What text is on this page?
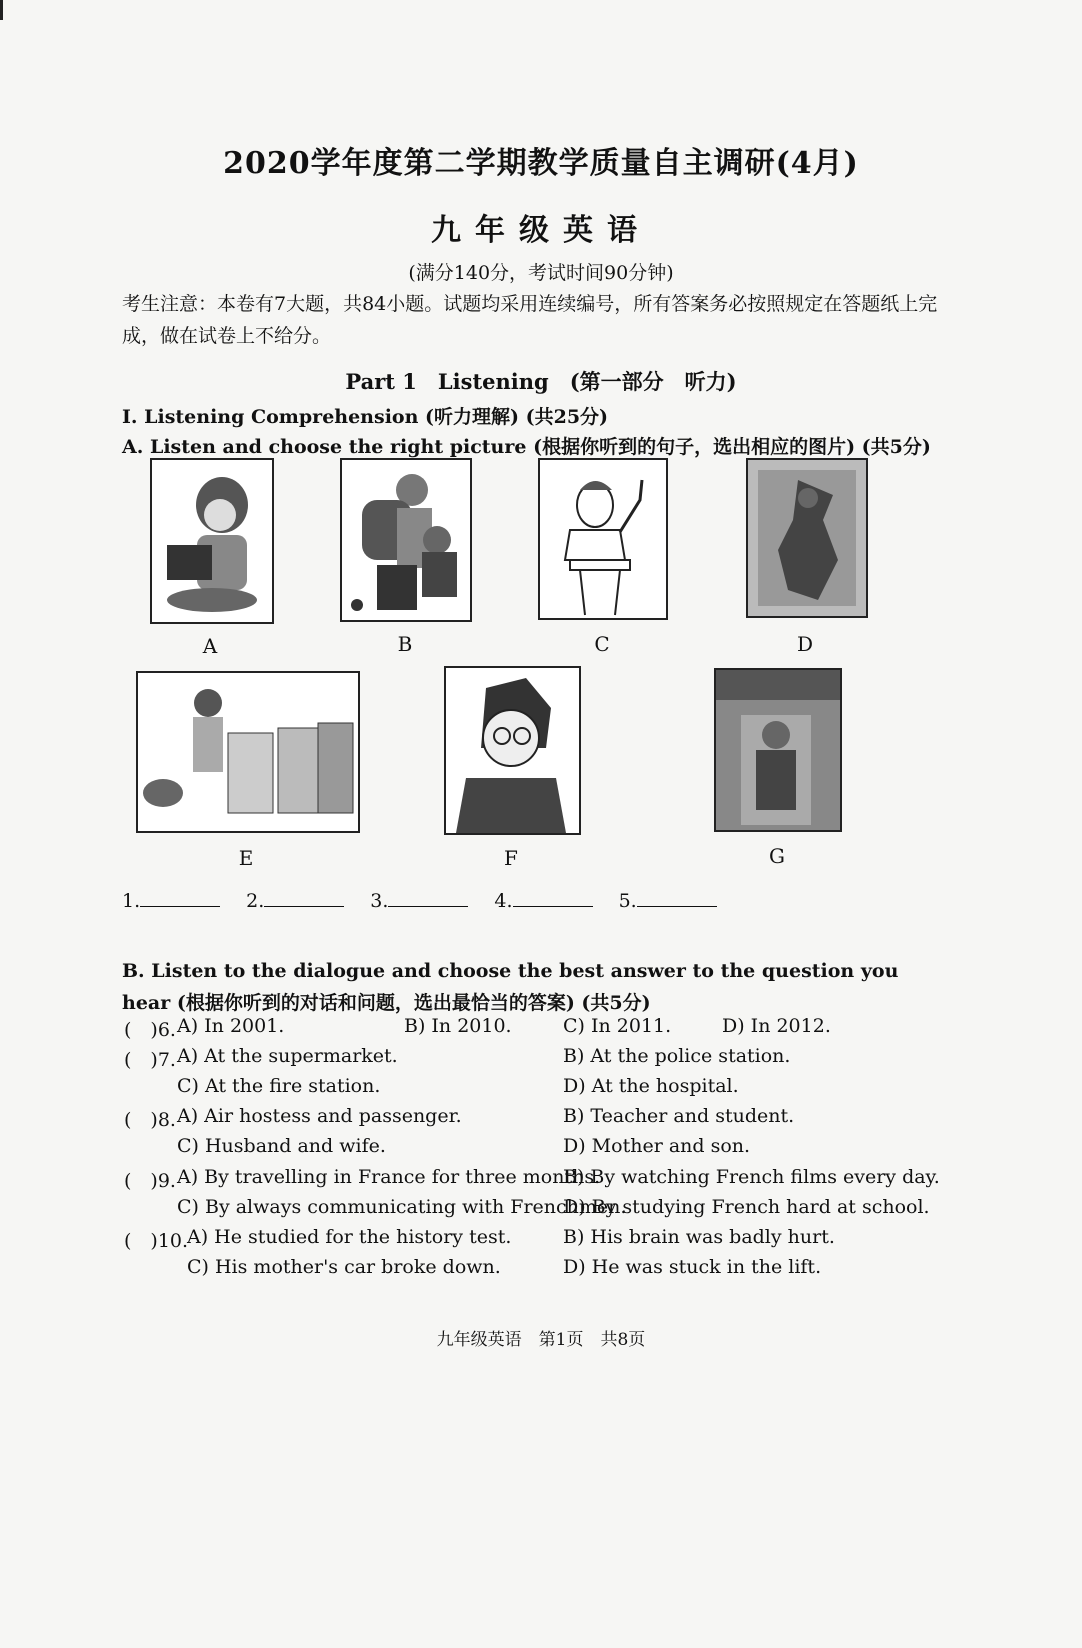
2020学年度第二学期教学质量自主调研(4月)
九年级英语
(满分140分，考试时间90分钟)
考生注意：本卷有7大题，共84小题。试题均采用连续编号，所有答案务必按照规定在答题纸上完成，做在试卷上不给分。
Part 1　Listening　(第一部分　听力)
I. Listening Comprehension (听力理解) (共25分)
A. Listen and choose the right picture (根据你听到的句子，选出相应的图片) (共5分)
A	B	C	D
E	F	G
1.	2.	3.	4.	5.
B. Listen to the dialogue and choose the best answer to the question you hear (根据你听到的对话和问题，选出最恰当的答案) (共5分)
(　)6. A) In 2001.	B) In 2010.	C) In 2011.	D) In 2012.
(　)7. A) At the supermarket.	B) At the police station.
C) At the fire station.	D) At the hospital.
(　)8. A) Air hostess and passenger.	B) Teacher and student.
C) Husband and wife.	D) Mother and son.
(　)9. A) By travelling in France for three months.
B) By watching French films every day.
C) By always communicating with Frenchmen.
D) By studying French hard at school.
(　)10.
A) He studied for the history test.	B) His brain was badly hurt.
C) His mother's car broke down.	D) He was stuck in the lift.
九年级英语　第1页　共8页
